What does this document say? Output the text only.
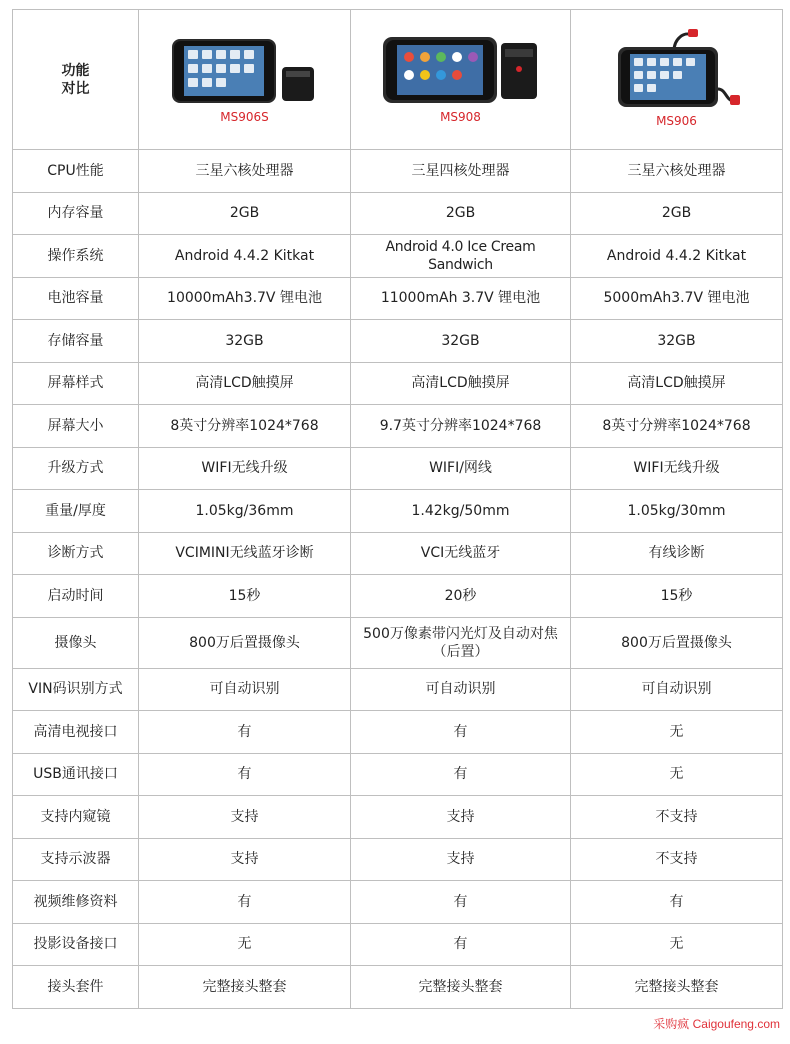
功能
对比	MS906S	MS908	MS906

CPU性能	三星六核处理器	三星四核处理器	三星六核处理器
内存容量	2GB	2GB	2GB
操作系统	Android 4.4.2 Kitkat	Android 4.0 Ice Cream Sandwich	Android 4.4.2 Kitkat
电池容量	10000mAh3.7V 锂电池	11000mAh 3.7V 锂电池	5000mAh3.7V 锂电池
存储容量	32GB	32GB	32GB
屏幕样式	高清LCD触摸屏	高清LCD触摸屏	高清LCD触摸屏
屏幕大小	8英寸分辨率1024*768	9.7英寸分辨率1024*768	8英寸分辨率1024*768
升级方式	WIFI无线升级	WIFI/网线	WIFI无线升级
重量/厚度	1.05kg/36mm	1.42kg/50mm	1.05kg/30mm
诊断方式	VCIMINI无线蓝牙诊断	VCI无线蓝牙	有线诊断
启动时间	15秒	20秒	15秒
摄像头	800万后置摄像头	500万像素带闪光灯及自动对焦（后置）	800万后置摄像头
VIN码识别方式	可自动识别	可自动识别	可自动识别
高清电视接口	有	有	无
USB通讯接口	有	有	无
支持内窥镜	支持	支持	不支持
支持示波器	支持	支持	不支持
视频维修资料	有	有	有
投影设备接口	无	有	无
接头套件	完整接头整套	完整接头整套	完整接头整套
采购疯 Caigoufeng.com
